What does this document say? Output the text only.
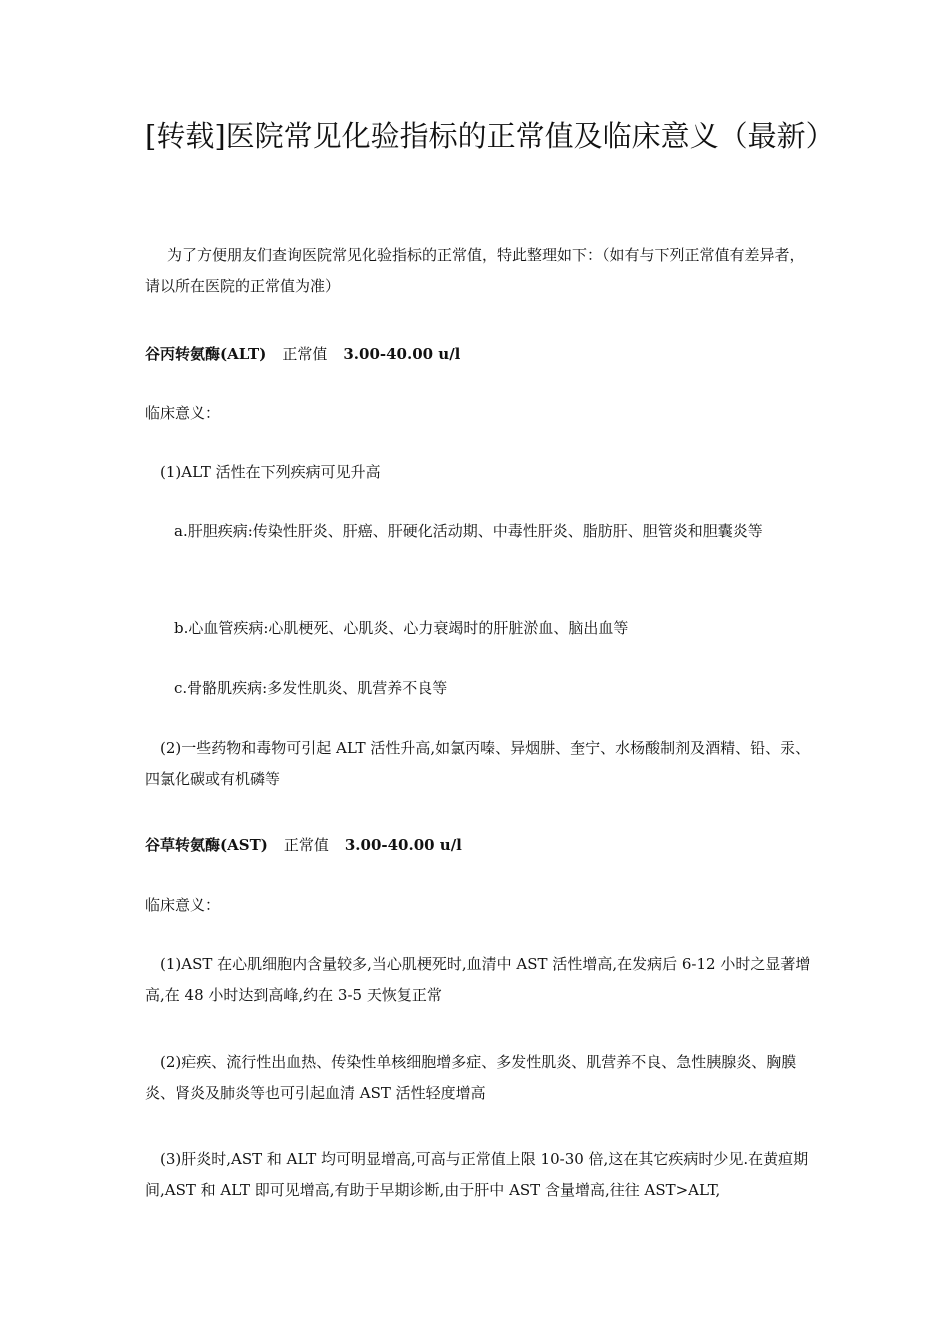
[转载]医院常见化验指标的正常值及临床意义（最新）

为了方便朋友们查询医院常见化验指标的正常值，特此整理如下：（如有与下列正常值有差异者，请以所在医院的正常值为准）

谷丙转氨酶(ALT) 正常值 3.00-40.00 u/l

临床意义：

(1)ALT 活性在下列疾病可见升高

a.肝胆疾病:传染性肝炎、肝癌、肝硬化活动期、中毒性肝炎、脂肪肝、胆管炎和胆囊炎等

b.心血管疾病:心肌梗死、心肌炎、心力衰竭时的肝脏淤血、脑出血等

c.骨骼肌疾病:多发性肌炎、肌营养不良等

(2)一些药物和毒物可引起 ALT 活性升高,如氯丙嗪、异烟肼、奎宁、水杨酸制剂及酒精、铅、汞、四氯化碳或有机磷等

谷草转氨酶(AST) 正常值 3.00-40.00 u/l

临床意义：

(1)AST 在心肌细胞内含量较多,当心肌梗死时,血清中 AST 活性增高,在发病后 6-12 小时之显著增高,在 48 小时达到高峰,约在 3-5 天恢复正常

(2)疟疾、流行性出血热、传染性单核细胞增多症、多发性肌炎、肌营养不良、急性胰腺炎、胸膜炎、肾炎及肺炎等也可引起血清 AST 活性轻度增高

(3)肝炎时,AST 和 ALT 均可明显增高,可高与正常值上限 10-30 倍,这在其它疾病时少见.在黄疸期间,AST 和 ALT 即可见增高,有助于早期诊断,由于肝中 AST 含量增高,往往 AST>ALT,
